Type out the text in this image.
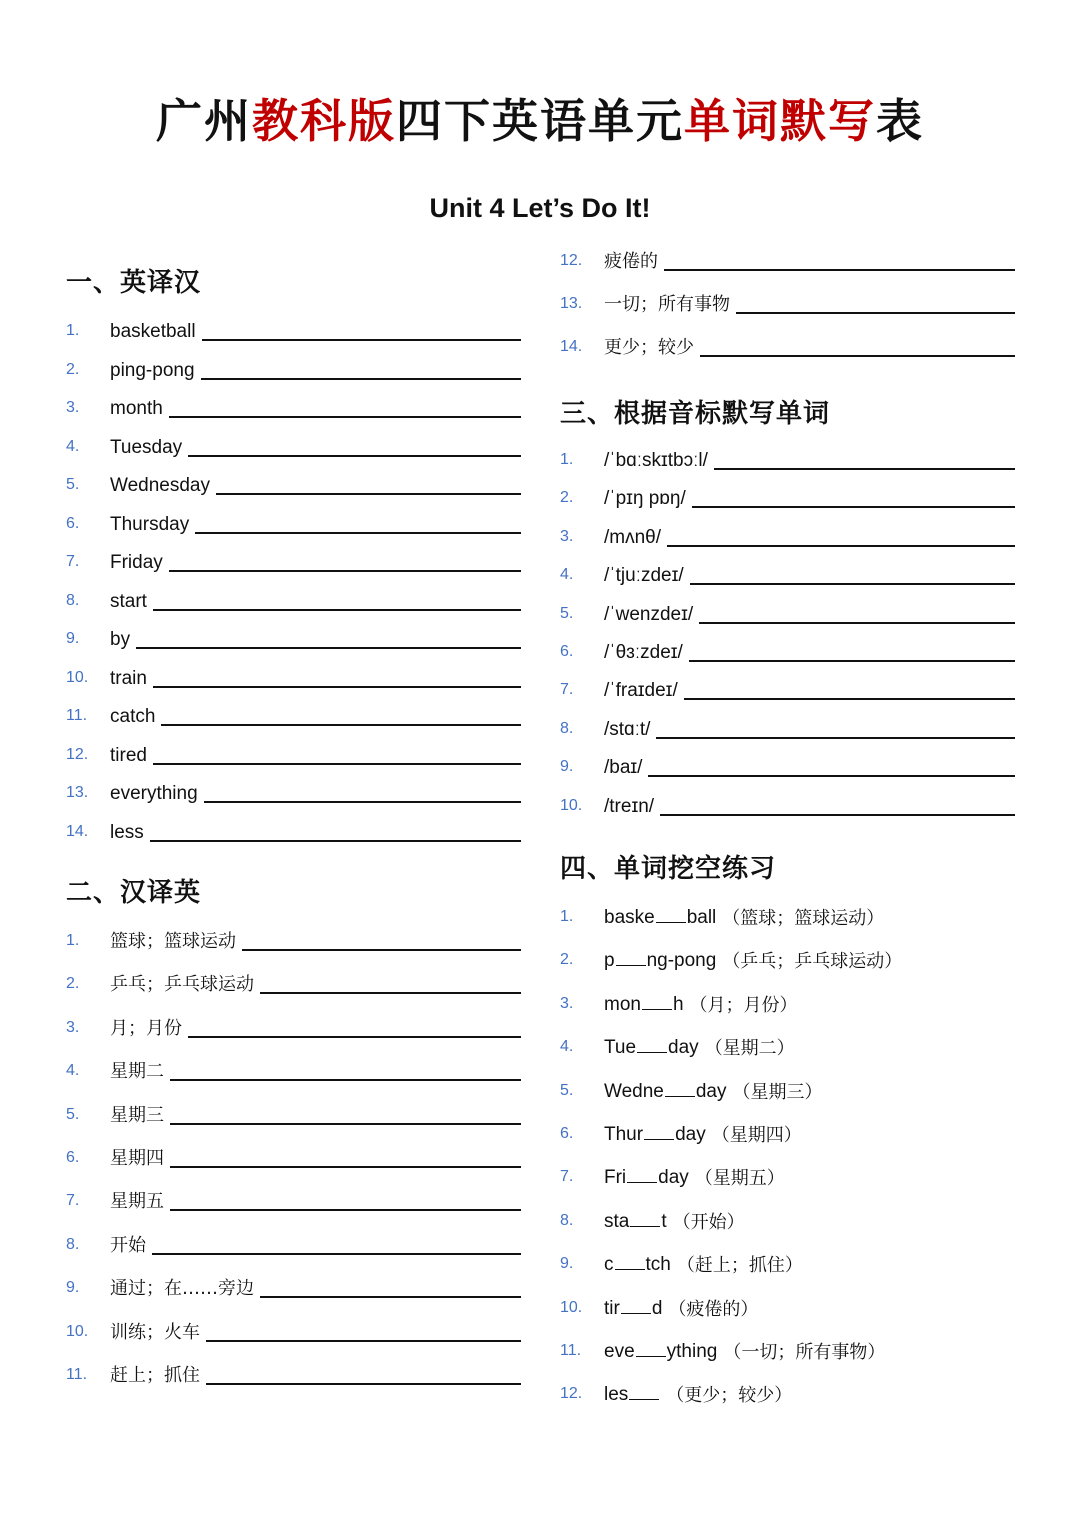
广州教科版四下英语单元单词默写表
Unit 4 Let’s Do It!
一、英译汉
1.	basketball
2.	ping-pong
3.	month
4.	Tuesday
5.	Wednesday
6.	Thursday
7.	Friday
8.	start
9.	by
10.	train
11.	catch
12.	tired
13.	everything
14.	less
二、汉译英
1.	篮球；篮球运动
2.	乒乓；乒乓球运动
3.	月；月份
4.	星期二
5.	星期三
6.	星期四
7.	星期五
8.	开始
9.	通过；在……旁边
10.	训练；火车
11.	赶上；抓住
12.	疲倦的
13.	一切；所有事物
14.	更少；较少
三、根据音标默写单词
1.	/ˈbɑːskɪtbɔːl/
2.	/ˈpɪŋ pɒŋ/
3.	/mʌnθ/
4.	/ˈtjuːzdeɪ/
5.	/ˈwenzdeɪ/
6.	/ˈθɜːzdeɪ/
7.	/ˈfraɪdeɪ/
8.	/stɑːt/
9.	/baɪ/
10.	/treɪn/
四、单词挖空练习
1.	baske ball （篮球；篮球运动）
2.	p ng-pong （乒乓；乒乓球运动）
3.	mon h （月；月份）
4.	Tue day （星期二）
5.	Wedne day （星期三）
6.	Thur day （星期四）
7.	Fri day （星期五）
8.	sta t （开始）
9.	c tch （赶上；抓住）
10.	tir d （疲倦的）
11.	eve ything （一切；所有事物）
12.	les	（更少；较少）
